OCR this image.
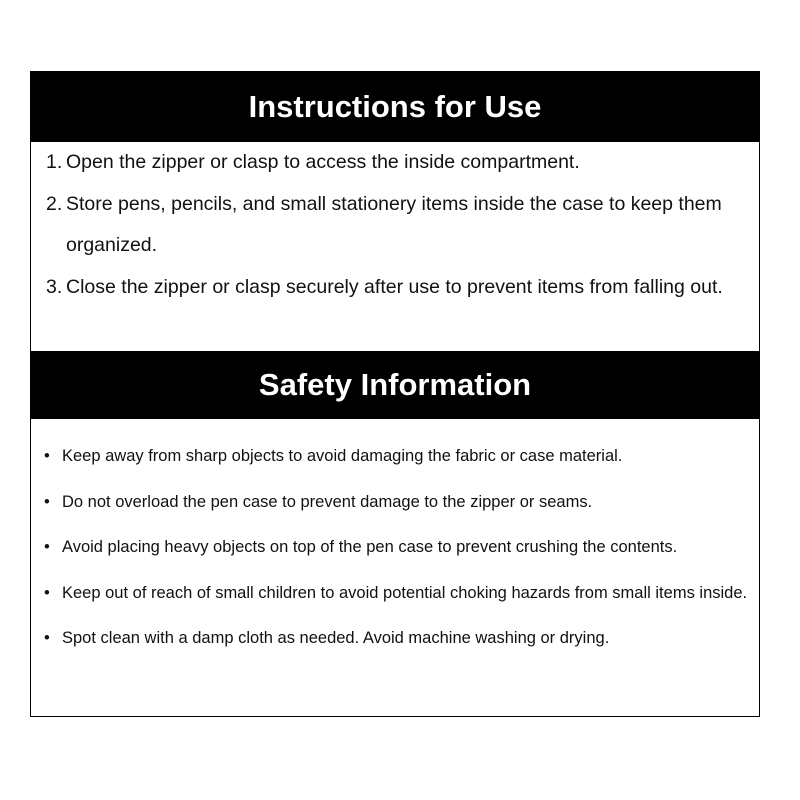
Instructions for Use
1. Open the zipper or clasp to access the inside compartment.
2. Store pens, pencils, and small stationery items inside the case to keep them organized.
3. Close the zipper or clasp securely after use to prevent items from falling out.
Safety Information
• Keep away from sharp objects to avoid damaging the fabric or case material.
• Do not overload the pen case to prevent damage to the zipper or seams.
• Avoid placing heavy objects on top of the pen case to prevent crushing the contents.
• Keep out of reach of small children to avoid potential choking hazards from small items inside.
• Spot clean with a damp cloth as needed. Avoid machine washing or drying.
